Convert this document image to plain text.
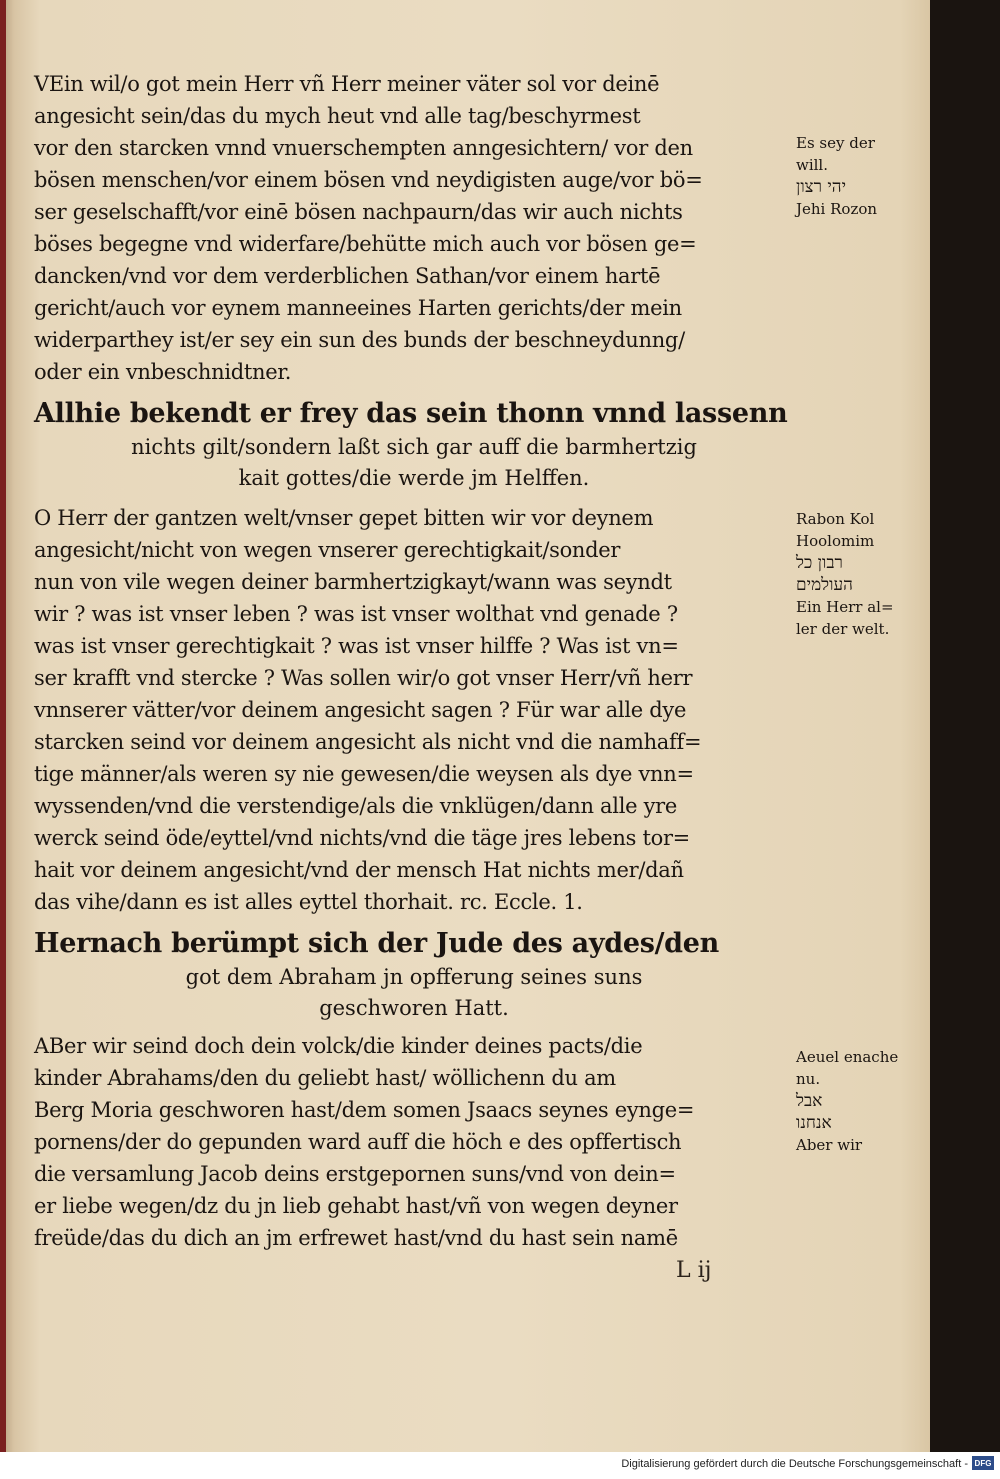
VEin wil/o got mein Herr vñ Herr meiner väter sol vor deinē
angesicht sein/das du mych heut vnd alle tag/beschyrmest
vor den starcken vnnd vnuerschempten anngesichtern/ vor den
bösen menschen/vor einem bösen vnd neydigisten auge/vor bö=
ser geselschafft/vor einē bösen nachpaurn/das wir auch nichts
böses begegne vnd widerfare/behütte mich auch vor bösen ge=
dancken/vnd vor dem verderblichen Sathan/vor einem hartē
gericht/auch vor eynem manneeines Harten gerichts/der mein
widerparthey ist/er sey ein sun des bunds der beschneydunng/
oder ein vnbeschnidtner.
Allhie bekendt er frey das sein thonn vnnd lassenn
nichts gilt/sondern laßt sich gar auff die barmhertzig
kait gottes/die werde jm Helffen.
O Herr der gantzen welt/vnser gepet bitten wir vor deynem
angesicht/nicht von wegen vnserer gerechtigkait/sonder
nun von vile wegen deiner barmhertzigkayt/wann was seyndt
wir ? was ist vnser leben ? was ist vnser wolthat vnd genade ?
was ist vnser gerechtigkait ? was ist vnser hilffe ? Was ist vn=
ser krafft vnd stercke ? Was sollen wir/o got vnser Herr/vñ herr
vnnserer vätter/vor deinem angesicht sagen ? Für war alle dye
starcken seind vor deinem angesicht als nicht vnd die namhaff=
tige männer/als weren sy nie gewesen/die weysen als dye vnn=
wyssenden/vnd die verstendige/als die vnklügen/dann alle yre
werck seind öde/eyttel/vnd nichts/vnd die täge jres lebens tor=
hait vor deinem angesicht/vnd der mensch Hat nichts mer/dañ
das vihe/dann es ist alles eyttel thorhait. rc. Eccle. 1.
Hernach berümpt sich der Jude des aydes/den
got dem Abraham jn opfferung seines suns
geschworen Hatt.
ABer wir seind doch dein volck/die kinder deines pacts/die
kinder Abrahams/den du geliebt hast/ wöllichenn du am
Berg Moria geschworen hast/dem somen Jsaacs seynes eynge=
pornens/der do gepunden ward auff die höch e des opffertisch
die versamlung Jacob deins erstgepornen suns/vnd von dein=
er liebe wegen/dz du jn lieb gehabt hast/vñ von wegen deyner
freüde/das du dich an jm erfrewet hast/vnd du hast sein namē
L ij
Es sey der
will.
יהי רצון
Jehi Rozon
Rabon Kol
Hoolomim
רבון כל
העולמים
Ein Herr al=
ler der welt.
Aeuel enache
nu.
אבל
אנחנו
Aber wir
Digitalisierung gefördert durch die Deutsche Forschungsgemeinschaft - DFG
